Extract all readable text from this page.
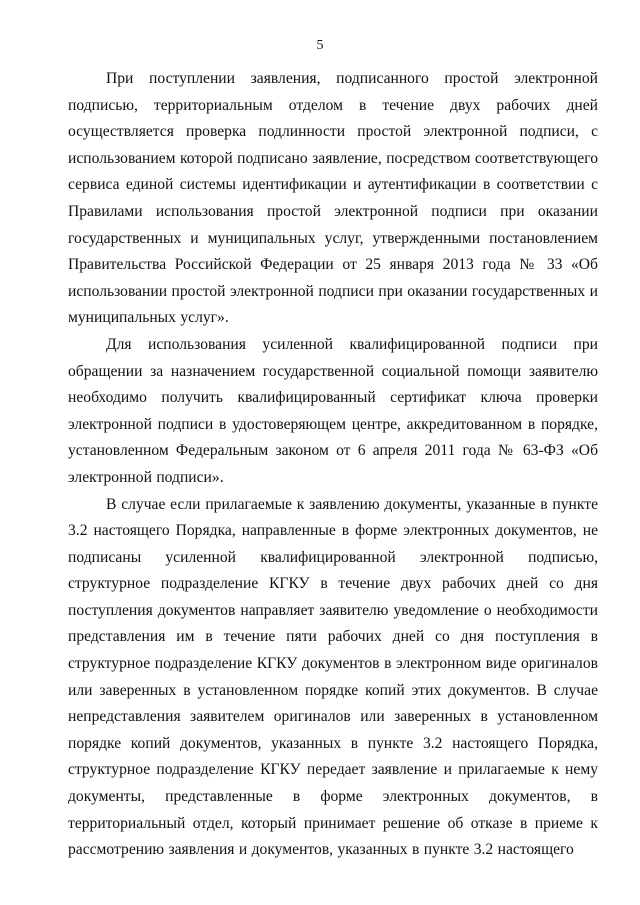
5

При поступлении заявления, подписанного простой электронной подписью, территориальным отделом в течение двух рабочих дней осуществляется проверка подлинности простой электронной подписи, с использованием которой подписано заявление, посредством соответствующего сервиса единой системы идентификации и аутентификации в соответствии с Правилами использования простой электронной подписи при оказании государственных и муниципальных услуг, утвержденными постановлением Правительства Российской Федерации от 25 января 2013 года № 33 «Об использовании простой электронной подписи при оказании государственных и муниципальных услуг».

Для использования усиленной квалифицированной подписи при обращении за назначением государственной социальной помощи заявителю необходимо получить квалифицированный сертификат ключа проверки электронной подписи в удостоверяющем центре, аккредитованном в порядке, установленном Федеральным законом от 6 апреля 2011 года № 63-ФЗ «Об электронной подписи».

В случае если прилагаемые к заявлению документы, указанные в пункте 3.2 настоящего Порядка, направленные в форме электронных документов, не подписаны усиленной квалифицированной электронной подписью, структурное подразделение КГКУ в течение двух рабочих дней со дня поступления документов направляет заявителю уведомление о необходимости представления им в течение пяти рабочих дней со дня поступления в структурное подразделение КГКУ документов в электронном виде оригиналов или заверенных в установленном порядке копий этих документов. В случае непредставления заявителем оригиналов или заверенных в установленном порядке копий документов, указанных в пункте 3.2 настоящего Порядка, структурное подразделение КГКУ передает заявление и прилагаемые к нему документы, представленные в форме электронных документов, в территориальный отдел, который принимает решение об отказе в приеме к рассмотрению заявления и документов, указанных в пункте 3.2 настоящего
